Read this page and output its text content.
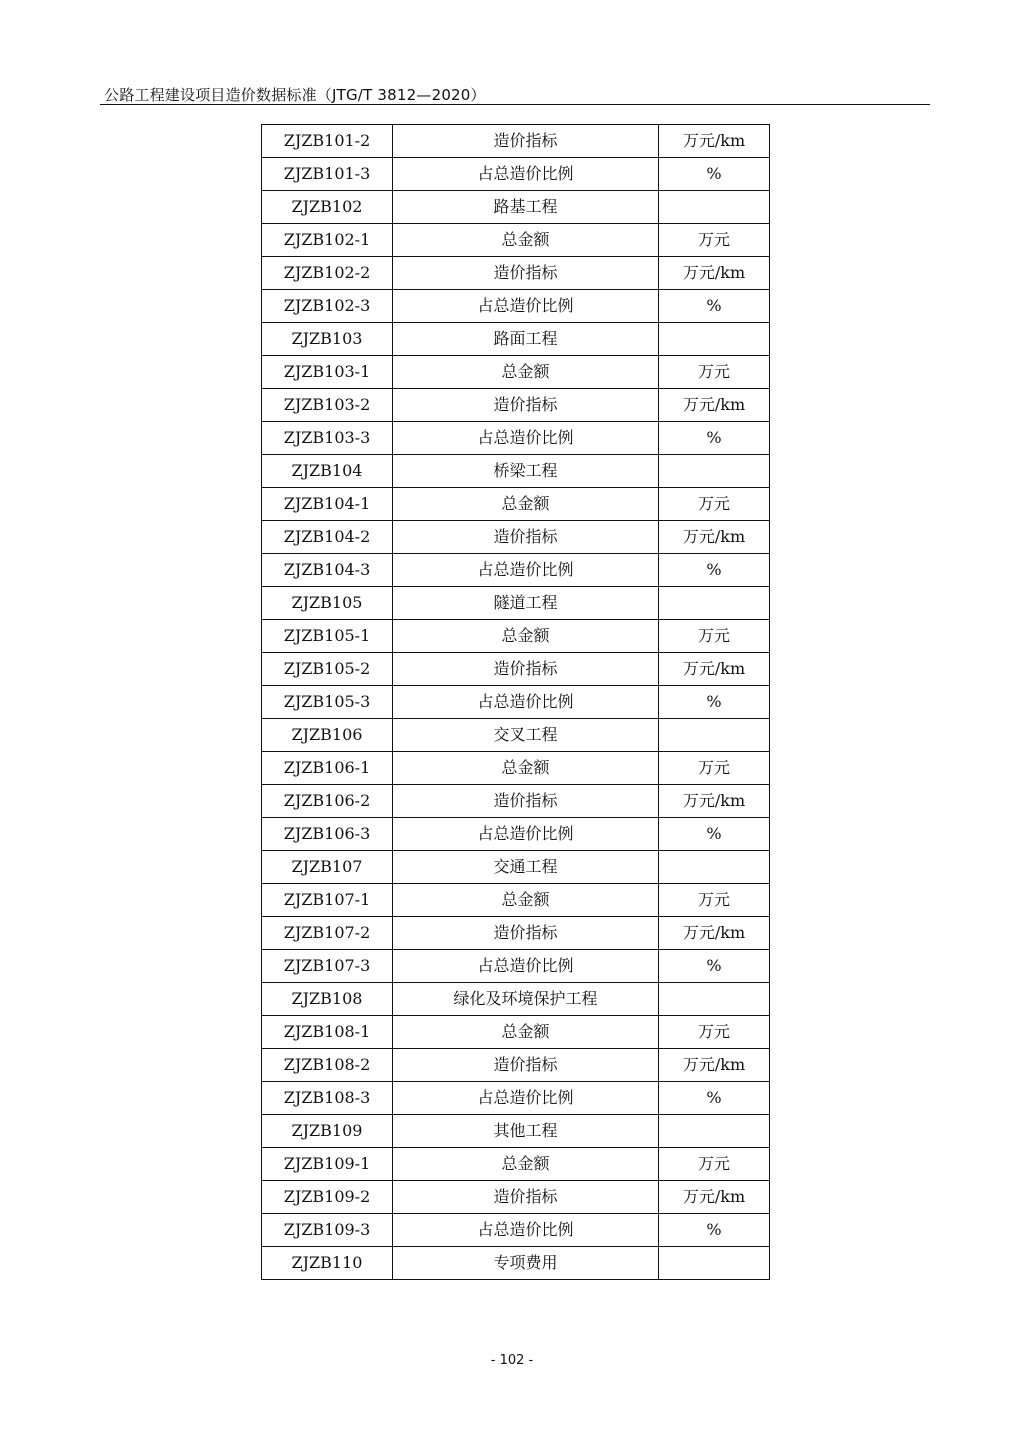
公路工程建设项目造价数据标准（JTG/T 3812—2020）
ZJZB101-2	造价指标	万元/km
ZJZB101-3	占总造价比例	%
ZJZB102	路基工程	
ZJZB102-1	总金额	万元
ZJZB102-2	造价指标	万元/km
ZJZB102-3	占总造价比例	%
ZJZB103	路面工程	
ZJZB103-1	总金额	万元
ZJZB103-2	造价指标	万元/km
ZJZB103-3	占总造价比例	%
ZJZB104	桥梁工程	
ZJZB104-1	总金额	万元
ZJZB104-2	造价指标	万元/km
ZJZB104-3	占总造价比例	%
ZJZB105	隧道工程	
ZJZB105-1	总金额	万元
ZJZB105-2	造价指标	万元/km
ZJZB105-3	占总造价比例	%
ZJZB106	交叉工程	
ZJZB106-1	总金额	万元
ZJZB106-2	造价指标	万元/km
ZJZB106-3	占总造价比例	%
ZJZB107	交通工程	
ZJZB107-1	总金额	万元
ZJZB107-2	造价指标	万元/km
ZJZB107-3	占总造价比例	%
ZJZB108	绿化及环境保护工程	
ZJZB108-1	总金额	万元
ZJZB108-2	造价指标	万元/km
ZJZB108-3	占总造价比例	%
ZJZB109	其他工程	
ZJZB109-1	总金额	万元
ZJZB109-2	造价指标	万元/km
ZJZB109-3	占总造价比例	%
ZJZB110	专项费用	
- 102 -
